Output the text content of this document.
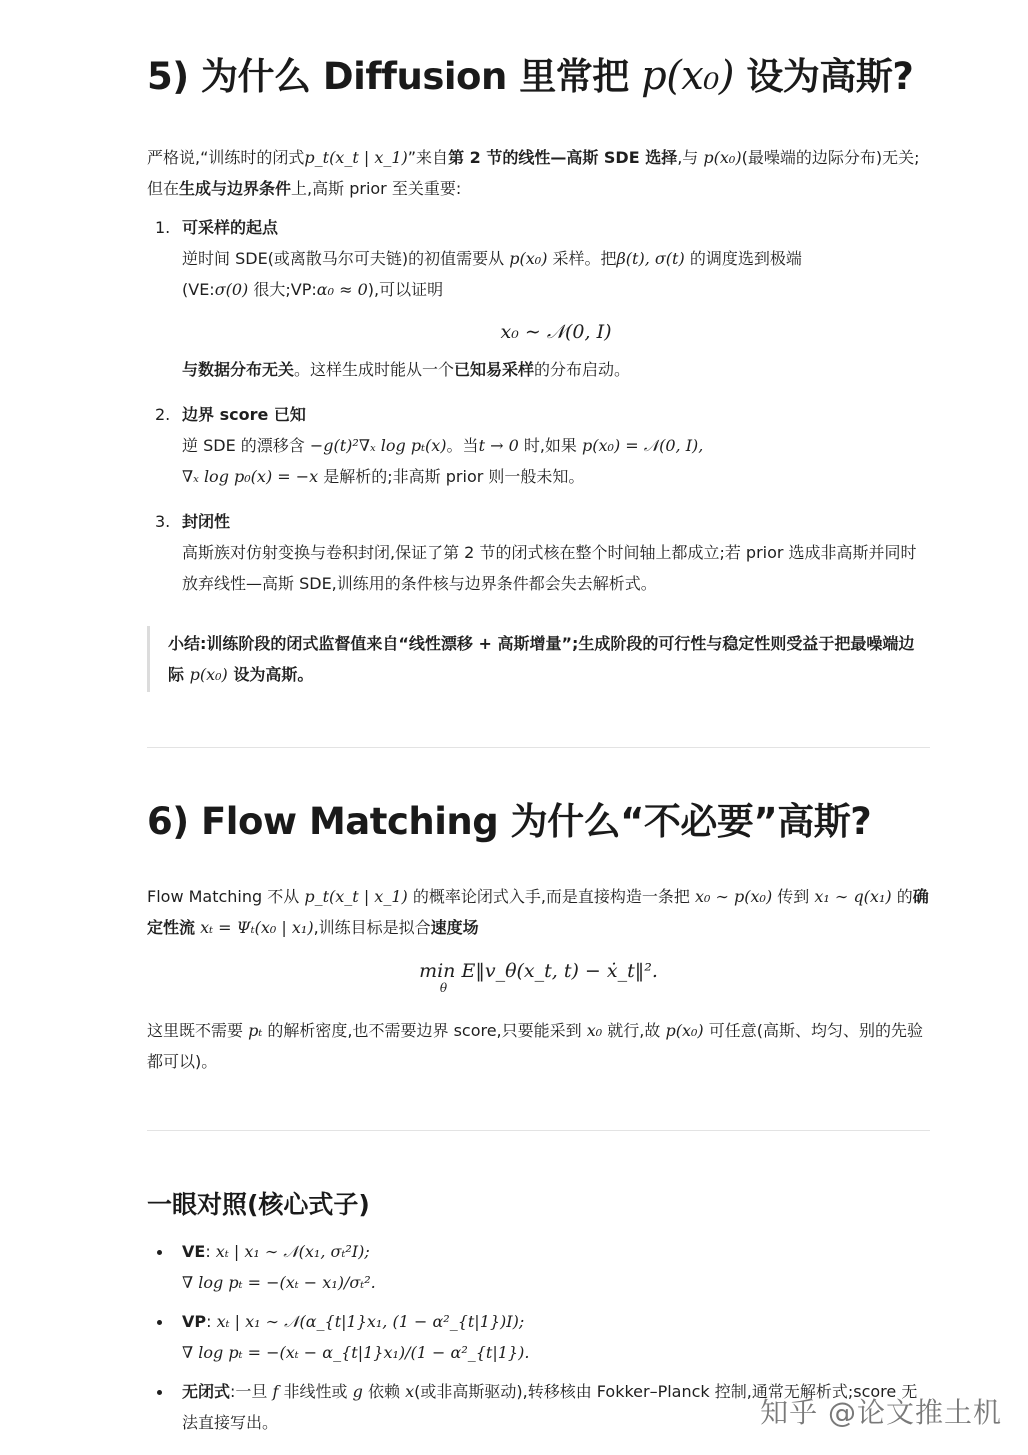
5) 为什么 Diffusion 里常把 p(x₀) 设为高斯?

严格说,“训练时的闭式p_t(x_t | x_1)”来自第 2 节的线性—高斯 SDE 选择,与 p(x₀)(最噪端的边际分布)无关;但在生成与边界条件上,高斯 prior 至关重要:

1. 可采样的起点
逆时间 SDE(或离散马尔可夫链)的初值需要从 p(x₀) 采样。把β(t), σ(t) 的调度选到极端
(VE:σ(0) 很大;VP:α₀ ≈ 0),可以证明
x₀ ∼ 𝒩(0, I)
与数据分布无关。这样生成时能从一个已知易采样的分布启动。
2. 边界 score 已知
逆 SDE 的漂移含 −g(t)²∇ₓ log pₜ(x)。当t → 0 时,如果 p(x₀) = 𝒩(0, I),
∇ₓ log p₀(x) = −x 是解析的;非高斯 prior 则一般未知。
3. 封闭性
高斯族对仿射变换与卷积封闭,保证了第 2 节的闭式核在整个时间轴上都成立;若 prior 选成非高斯并同时放弃线性—高斯 SDE,训练用的条件核与边界条件都会失去解析式。
小结:训练阶段的闭式监督值来自“线性漂移 + 高斯增量”;生成阶段的可行性与稳定性则受益于把最噪端边际 p(x₀) 设为高斯。
6) Flow Matching 为什么“不必要”高斯?

Flow Matching 不从 p_t(x_t | x_1) 的概率论闭式入手,而是直接构造一条把 x₀ ∼ p(x₀) 传到 x₁ ∼ q(x₁) 的确定性流 xₜ = Ψₜ(x₀ | x₁),训练目标是拟合速度场

min E‖v_θ(x_t, t) − ẋ_t‖².
θ

这里既不需要 pₜ 的解析密度,也不需要边界 score,只要能采到 x₀ 就行,故 p(x₀) 可任意(高斯、均匀、别的先验都可以)。

一眼对照(核心式子)
VE: xₜ | x₁ ∼ 𝒩(x₁, σₜ²I);
∇ log pₜ = −(xₜ − x₁)/σₜ².
VP: xₜ | x₁ ∼ 𝒩(α_{t|1}x₁, (1 − α²_{t|1})I);
∇ log pₜ = −(xₜ − α_{t|1}x₁)/(1 − α²_{t|1}).
无闭式:一旦 f 非线性或 g 依赖 x(或非高斯驱动),转移核由 Fokker–Planck 控制,通常无解析式;score 无法直接写出。	知乎 @论文推土机
